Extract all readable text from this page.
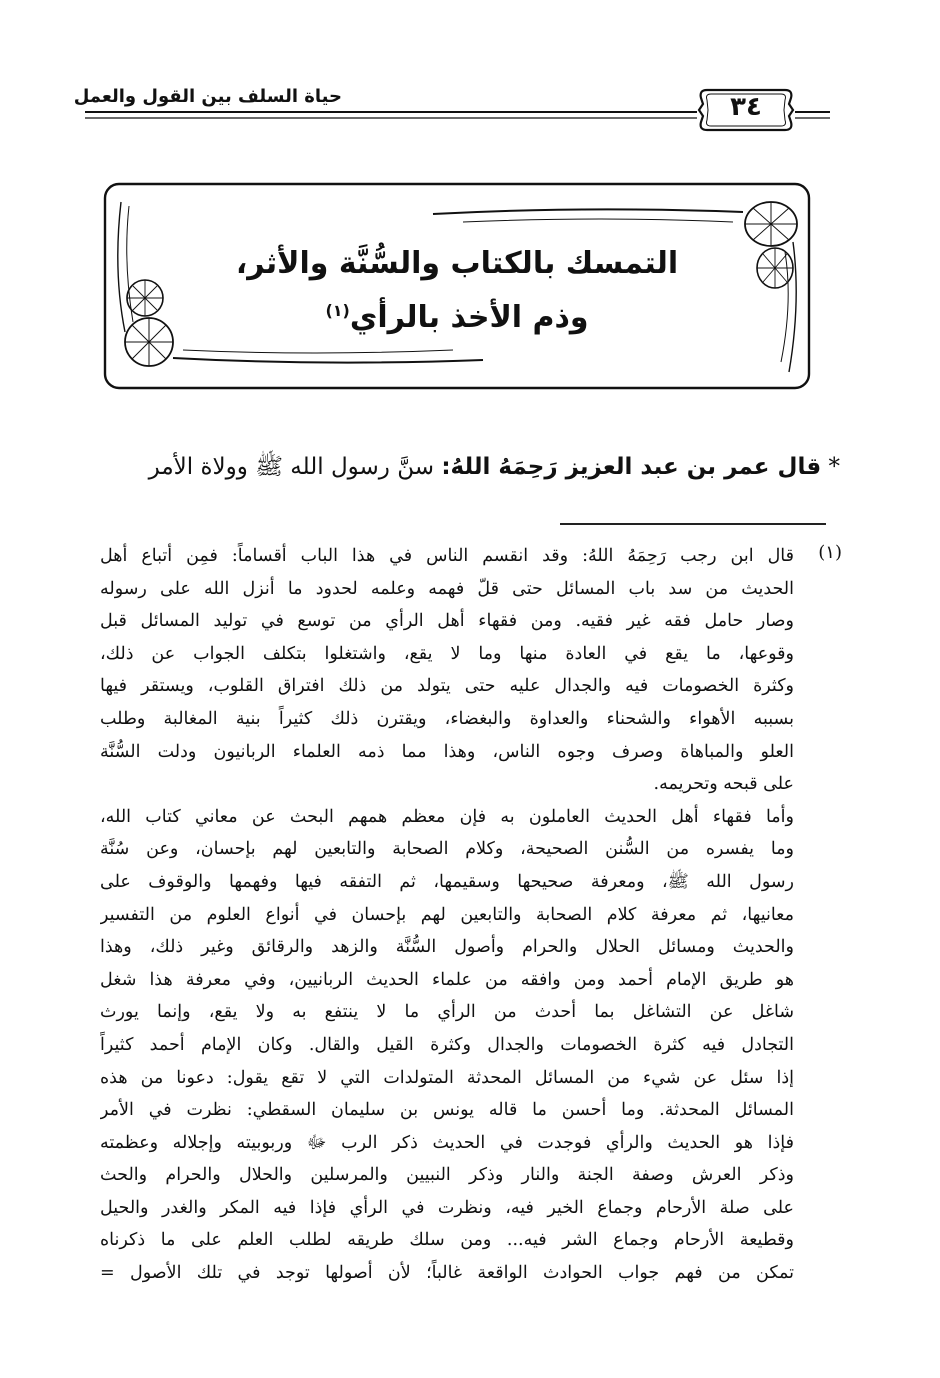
حياة السلف بين القول والعمل	٣٤
التمسك بالكتاب والسُّنَّة والأثر،
وذم الأخذ بالرأي$^{(١)}$
* قال عمر بن عبد العزيز رَحِمَهُ اللهُ: سنَّ رسول الله ﷺ وولاة الأمر
(١)
قال ابن رجب رَحِمَهُ اللهُ: وقد انقسم الناس في هذا الباب أقساماً: فمِن أتباع أهل
الحديث من سد باب المسائل حتى قلّ فهمه وعلمه لحدود ما أنزل الله على رسوله
وصار حامل فقه غير فقيه. ومن فقهاء أهل الرأي من توسع في توليد المسائل قبل
وقوعها، ما يقع في العادة منها وما لا يقع، واشتغلوا بتكلف الجواب عن ذلك،
وكثرة الخصومات فيه والجدال عليه حتى يتولد من ذلك افتراق القلوب، ويستقر فيها
بسببه الأهواء والشحناء والعداوة والبغضاء، ويقترن ذلك كثيراً بنية المغالبة وطلب
العلو والمباهاة وصرف وجوه الناس، وهذا مما ذمه العلماء الربانيون ودلت السُّنَّة
على قبحه وتحريمه.
وأما فقهاء أهل الحديث العاملون به فإن معظم همهم البحث عن معاني كتاب الله،
وما يفسره من السُّنن الصحيحة، وكلام الصحابة والتابعين لهم بإحسان، وعن سُنَّة
رسول الله ﷺ، ومعرفة صحيحها وسقيمها، ثم التفقه فيها وفهمها والوقوف على
معانيها، ثم معرفة كلام الصحابة والتابعين لهم بإحسان في أنواع العلوم من التفسير
والحديث ومسائل الحلال والحرام وأصول السُّنَّة والزهد والرقائق وغير ذلك، وهذا
هو طريق الإمام أحمد ومن وافقه من علماء الحديث الربانيين، وفي معرفة هذا شغل
شاغل عن التشاغل بما أحدث من الرأي ما لا ينتفع به ولا يقع، وإنما يورث
التجادل فيه كثرة الخصومات والجدال وكثرة القيل والقال. وكان الإمام أحمد كثيراً
إذا سئل عن شيء من المسائل المحدثة المتولدات التي لا تقع يقول: دعونا من هذه
المسائل المحدثة. وما أحسن ما قاله يونس بن سليمان السقطي: نظرت في الأمر
فإذا هو الحديث والرأي فوجدت في الحديث ذكر الرب ﷻ وربوبيته وإجلاله وعظمته
وذكر العرش وصفة الجنة والنار وذكر النبيين والمرسلين والحلال والحرام والحث
على صلة الأرحام وجماع الخير فيه، ونظرت في الرأي فإذا فيه المكر والغدر والحيل
وقطيعة الأرحام وجماع الشر فيه... ومن سلك طريقه لطلب العلم على ما ذكرناه
تمكن من فهم جواب الحوادث الواقعة غالباً؛ لأن أصولها توجد في تلك الأصول =
